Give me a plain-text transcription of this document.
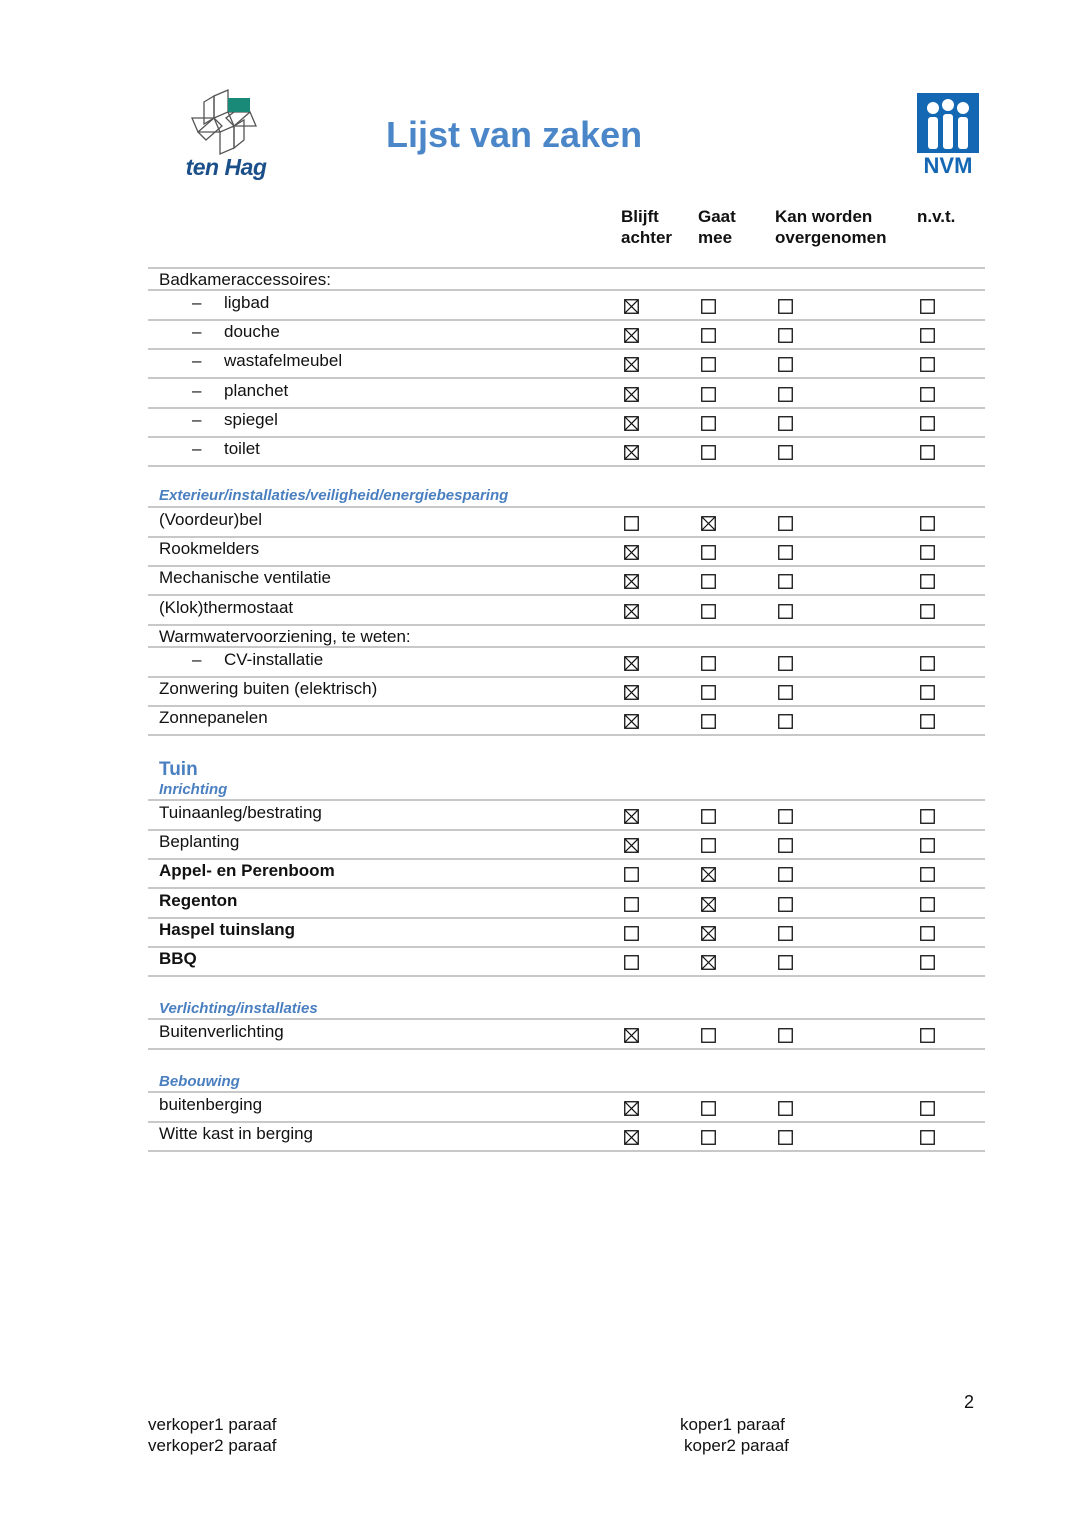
ten Hag
Lijst van zaken
NVM
Blijft
achter
Gaat
mee
Kan worden
overgenomen
n.v.t.
Badkameraccessoires:
– ligbad
– douche
– wastafelmeubel
– planchet
– spiegel
– toilet
Exterieur/installaties/veiligheid/energiebesparing
(Voordeur)bel
Rookmelders
Mechanische ventilatie
(Klok)thermostaat
Warmwatervoorziening, te weten:
– CV-installatie
Zonwering buiten (elektrisch)
Zonnepanelen
Tuin
Inrichting
Tuinaanleg/bestrating
Beplanting
Appel- en Perenboom
Regenton
Haspel tuinslang
BBQ
Verlichting/installaties
Buitenverlichting
Bebouwing
buitenberging
Witte kast in berging
2
verkoper1 paraaf
verkoper2 paraaf
koper1 paraaf
koper2 paraaf
